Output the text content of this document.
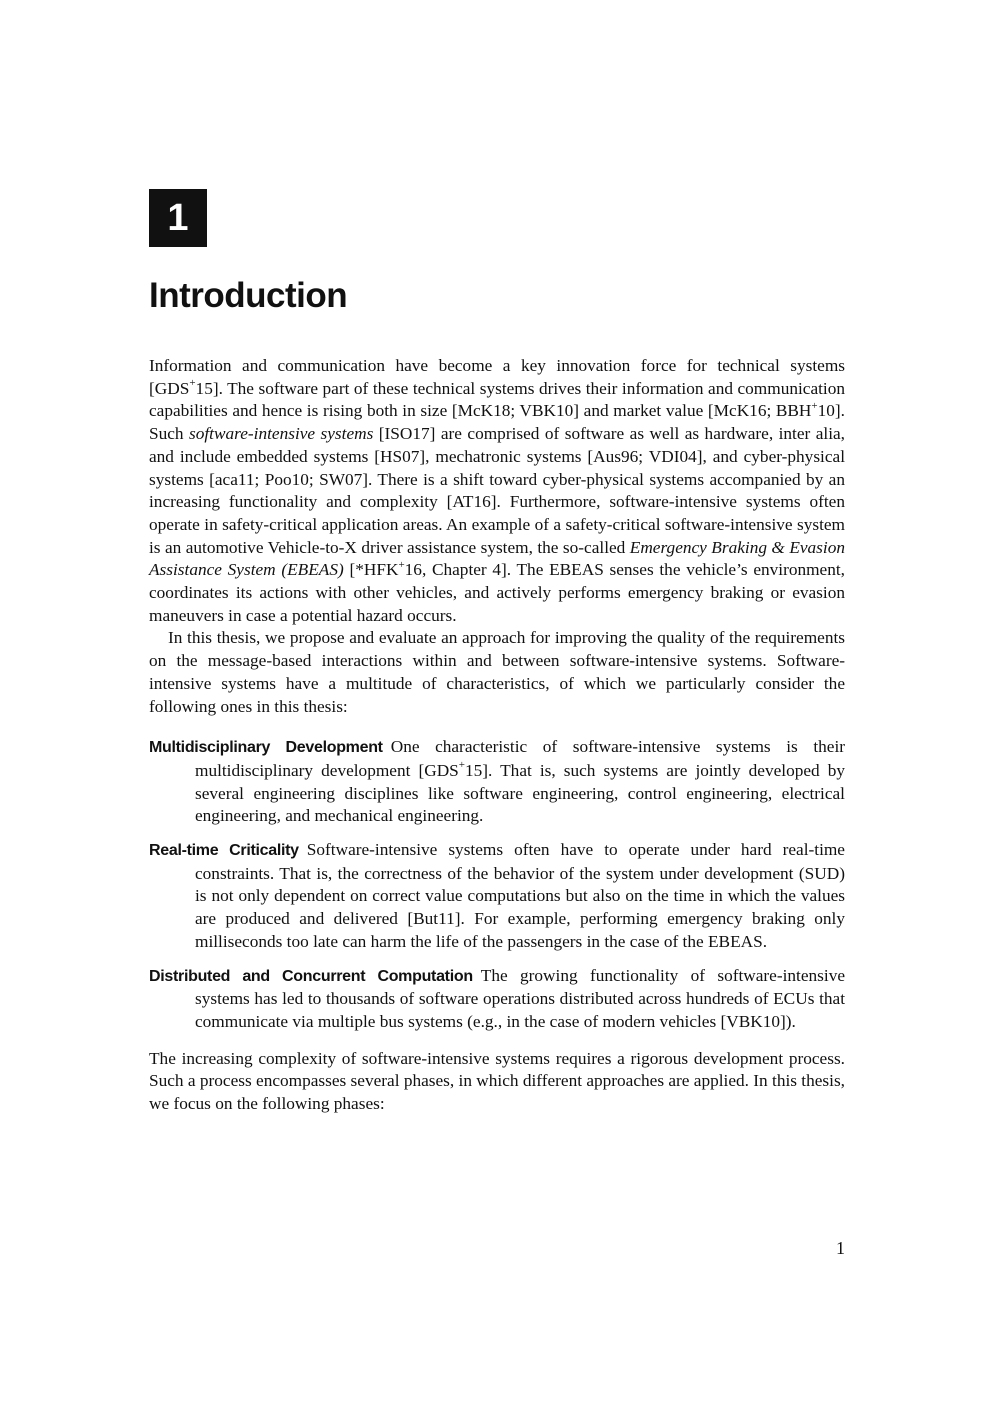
1
Introduction

Information and communication have become a key innovation force for technical systems [GDS+15]. The software part of these technical systems drives their information and communication capabilities and hence is rising both in size [McK18; VBK10] and market value [McK16; BBH+10]. Such software-intensive systems [ISO17] are comprised of software as well as hardware, inter alia, and include embedded systems [HS07], mechatronic systems [Aus96; VDI04], and cyber-physical systems [aca11; Poo10; SW07]. There is a shift toward cyber-physical systems accompanied by an increasing functionality and complexity [AT16]. Furthermore, software-intensive systems often operate in safety-critical application areas. An example of a safety-critical software-intensive system is an automotive Vehicle-to-X driver assistance system, the so-called Emergency Braking & Evasion Assistance System (EBEAS) [*HFK+16, Chapter 4]. The EBEAS senses the vehicle’s environment, coordinates its actions with other vehicles, and actively performs emergency braking or evasion maneuvers in case a potential hazard occurs.

In this thesis, we propose and evaluate an approach for improving the quality of the requirements on the message-based interactions within and between software-intensive systems. Software-intensive systems have a multitude of characteristics, of which we particularly consider the following ones in this thesis:

Multidisciplinary Development One characteristic of software-intensive systems is their multidisciplinary development [GDS+15]. That is, such systems are jointly developed by several engineering disciplines like software engineering, control engineering, electrical engineering, and mechanical engineering.

Real-time Criticality Software-intensive systems often have to operate under hard real-time constraints. That is, the correctness of the behavior of the system under development (SUD) is not only dependent on correct value computations but also on the time in which the values are produced and delivered [But11]. For example, performing emergency braking only milliseconds too late can harm the life of the passengers in the case of the EBEAS.

Distributed and Concurrent Computation The growing functionality of software-intensive systems has led to thousands of software operations distributed across hundreds of ECUs that communicate via multiple bus systems (e.g., in the case of modern vehicles [VBK10]).

The increasing complexity of software-intensive systems requires a rigorous development process. Such a process encompasses several phases, in which different approaches are applied. In this thesis, we focus on the following phases:

1
